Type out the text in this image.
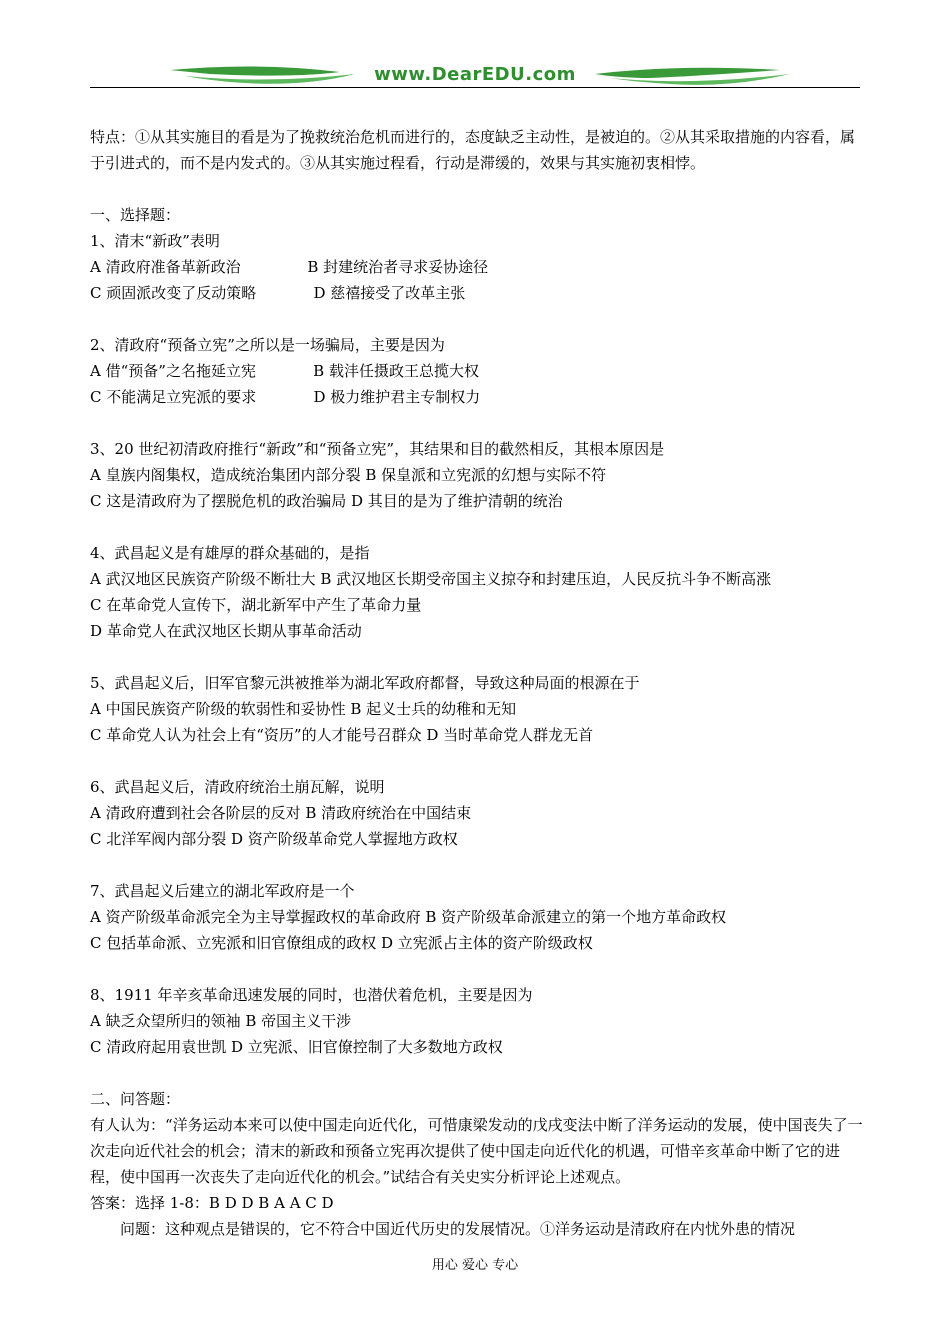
www.DearEDU.com

特点：①从其实施目的看是为了挽救统治危机而进行的，态度缺乏主动性，是被迫的。②从其采取措施的内容看，属于引进式的，而不是内发式的。③从其实施过程看，行动是滞缓的，效果与其实施初衷相悖。

一、选择题：

1、清末“新政”表明

A 清政府准备革新政治              B 封建统治者寻求妥协途径

C 顽固派改变了反动策略            D 慈禧接受了改革主张

2、清政府“预备立宪”之所以是一场骗局，主要是因为

A 借“预备”之名拖延立宪            B 载沣任摄政王总揽大权

C 不能满足立宪派的要求            D 极力维护君主专制权力

3、20 世纪初清政府推行“新政”和“预备立宪”，其结果和目的截然相反，其根本原因是

A 皇族内阁集权，造成统治集团内部分裂 B 保皇派和立宪派的幻想与实际不符

C 这是清政府为了摆脱危机的政治骗局 D 其目的是为了维护清朝的统治

4、武昌起义是有雄厚的群众基础的，是指

A 武汉地区民族资产阶级不断壮大 B 武汉地区长期受帝国主义掠夺和封建压迫，人民反抗斗争不断高涨

C 在革命党人宣传下，湖北新军中产生了革命力量

D 革命党人在武汉地区长期从事革命活动

5、武昌起义后，旧军官黎元洪被推举为湖北军政府都督，导致这种局面的根源在于

A 中国民族资产阶级的软弱性和妥协性 B 起义士兵的幼稚和无知

C 革命党人认为社会上有“资历”的人才能号召群众 D 当时革命党人群龙无首

6、武昌起义后，清政府统治土崩瓦解，说明

A 清政府遭到社会各阶层的反对 B 清政府统治在中国结束

C 北洋军阀内部分裂 D 资产阶级革命党人掌握地方政权

7、武昌起义后建立的湖北军政府是一个

A 资产阶级革命派完全为主导掌握政权的革命政府 B 资产阶级革命派建立的第一个地方革命政权

C 包括革命派、立宪派和旧官僚组成的政权 D 立宪派占主体的资产阶级政权

8、1911 年辛亥革命迅速发展的同时，也潜伏着危机，主要是因为

A 缺乏众望所归的领袖 B 帝国主义干涉

C 清政府起用袁世凯 D 立宪派、旧官僚控制了大多数地方政权

二、问答题：

有人认为：“洋务运动本来可以使中国走向近代化，可惜康梁发动的戊戌变法中断了洋务运动的发展，使中国丧失了一次走向近代社会的机会；清末的新政和预备立宪再次提供了使中国走向近代化的机遇，可惜辛亥革命中断了它的进程，使中国再一次丧失了走向近代化的机会。”试结合有关史实分析评论上述观点。

答案：选择 1-8：B D D B A A C D

问题：这种观点是错误的，它不符合中国近代历史的发展情况。①洋务运动是清政府在内忧外患的情况

用心 爱心 专心
